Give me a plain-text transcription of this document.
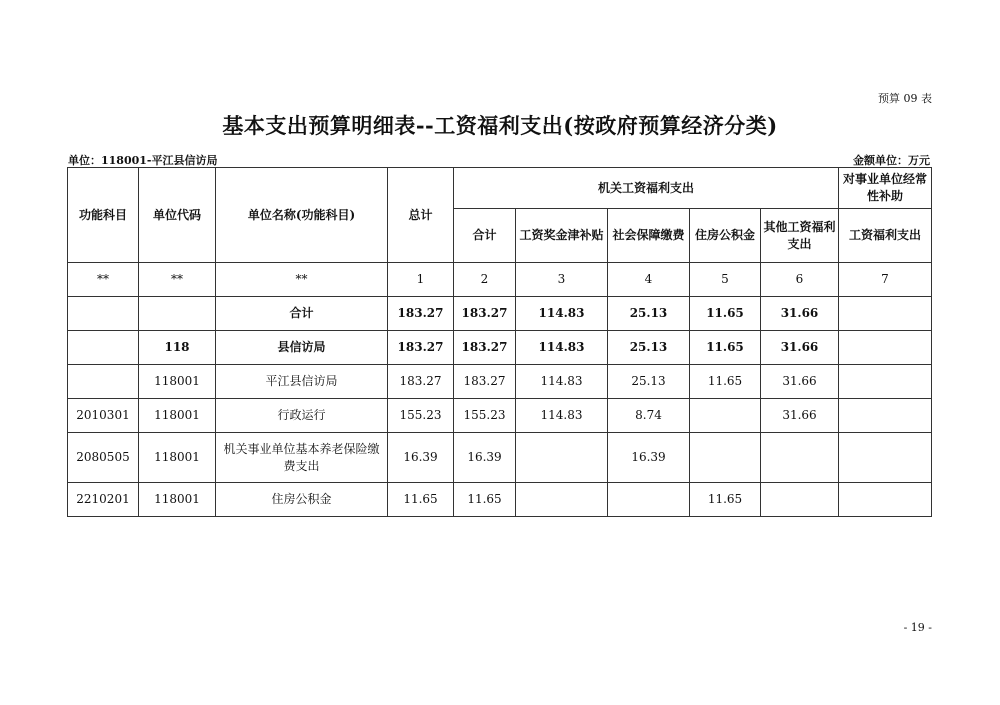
预算 09 表
基本支出预算明细表--工资福利支出(按政府预算经济分类)
单位：118001-平江县信访局	金额单位：万元
功能科目	单位代码	单位名称(功能科目)	总计	机关工资福利支出					对事业单位经常性补助
				合计	工资奖金津补贴	社会保障缴费	住房公积金	其他工资福利支出	工资福利支出
**	**	**	1	2	3	4	5	6	7
		合计	183.27	183.27	114.83	25.13	11.65	31.66	
	118	县信访局	183.27	183.27	114.83	25.13	11.65	31.66	
	118001	平江县信访局	183.27	183.27	114.83	25.13	11.65	31.66	
2010301	118001	行政运行	155.23	155.23	114.83	8.74		31.66	
2080505	118001	机关事业单位基本养老保险缴费支出	16.39	16.39		16.39			
2210201	118001	住房公积金	11.65	11.65			11.65		
- 19 -
